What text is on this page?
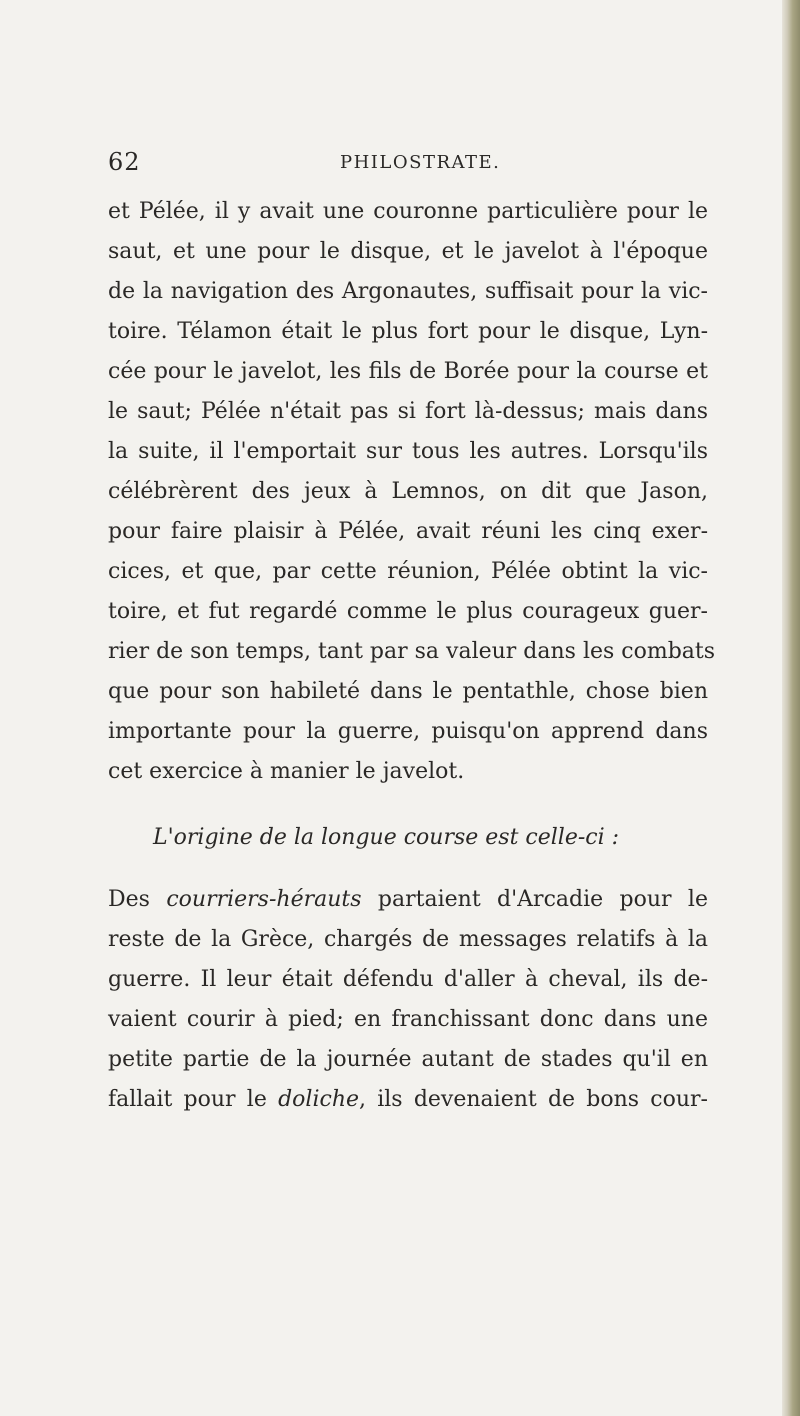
62	PHILOSTRATE.
et Pélée, il y avait une couronne particulière pour le
saut, et une pour le disque, et le javelot à l'époque
de la navigation des Argonautes, suffisait pour la vic-
toire. Télamon était le plus fort pour le disque, Lyn-
cée pour le javelot, les fils de Borée pour la course et
le saut; Pélée n'était pas si fort là-dessus; mais dans
la suite, il l'emportait sur tous les autres. Lorsqu'ils
célébrèrent des jeux à Lemnos, on dit que Jason,
pour faire plaisir à Pélée, avait réuni les cinq exer-
cices, et que, par cette réunion, Pélée obtint la vic-
toire, et fut regardé comme le plus courageux guer-
rier de son temps, tant par sa valeur dans les combats
que pour son habileté dans le pentathle, chose bien
importante pour la guerre, puisqu'on apprend dans
cet exercice à manier le javelot.
L'origine de la longue course est celle-ci :
Des courriers-hérauts partaient d'Arcadie pour le
reste de la Grèce, chargés de messages relatifs à la
guerre. Il leur était défendu d'aller à cheval, ils de-
vaient courir à pied; en franchissant donc dans une
petite partie de la journée autant de stades qu'il en
fallait pour le doliche, ils devenaient de bons cour-
